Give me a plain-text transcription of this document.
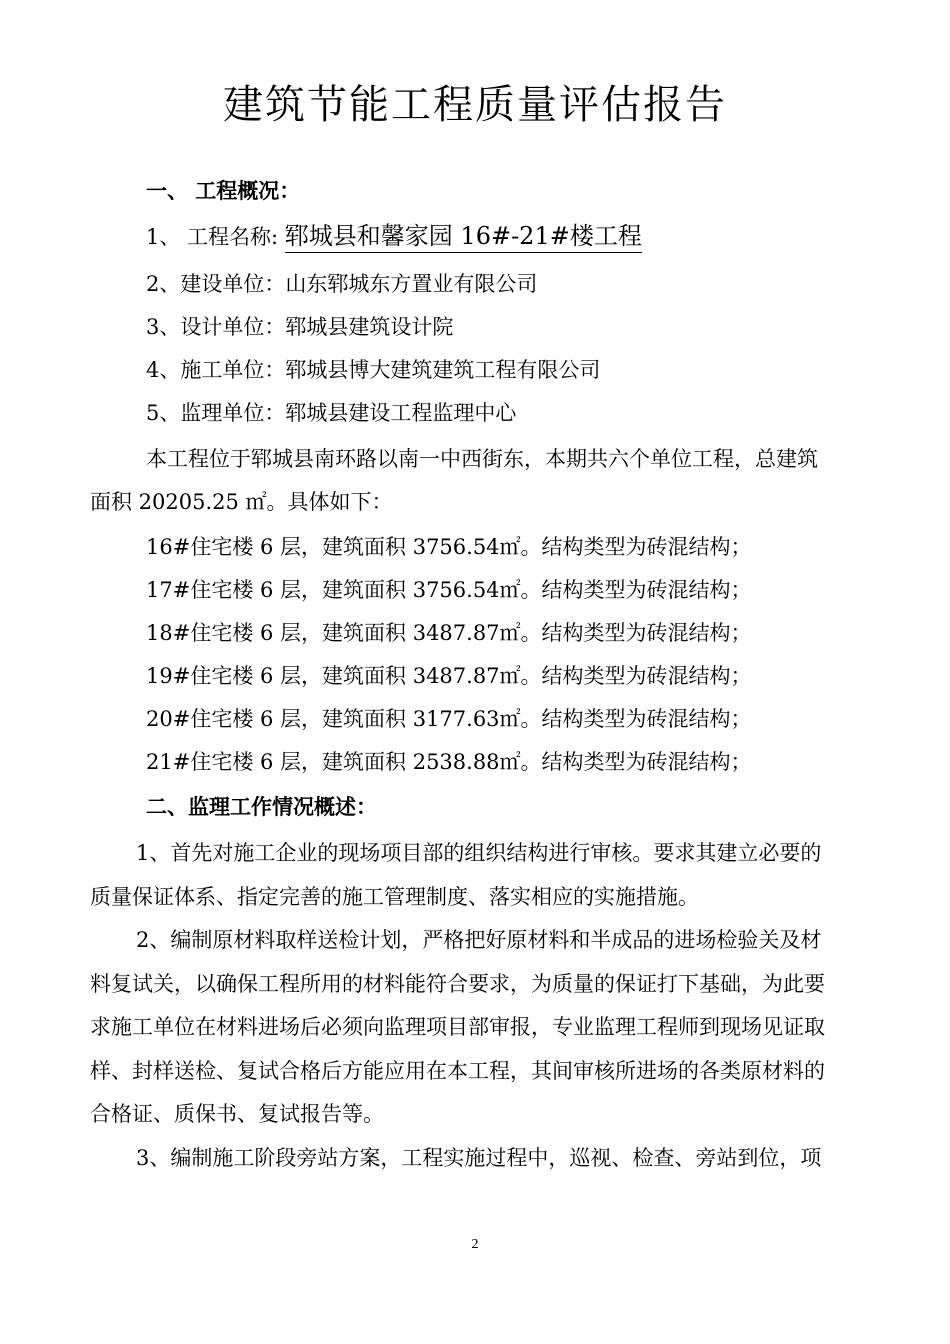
建筑节能工程质量评估报告
一、 工程概况：
1、 工程名称: 郓城县和馨家园 16#-21#楼工程
2、建设单位：山东郓城东方置业有限公司
3、设计单位：郓城县建筑设计院
4、施工单位：郓城县博大建筑建筑工程有限公司
5、监理单位：郓城县建设工程监理中心
本工程位于郓城县南环路以南一中西街东，本期共六个单位工程，总建筑
面积 20205.25 ㎡。具体如下：
16#住宅楼 6 层，建筑面积 3756.54㎡。结构类型为砖混结构；
17#住宅楼 6 层，建筑面积 3756.54㎡。结构类型为砖混结构；
18#住宅楼 6 层，建筑面积 3487.87㎡。结构类型为砖混结构；
19#住宅楼 6 层，建筑面积 3487.87㎡。结构类型为砖混结构；
20#住宅楼 6 层，建筑面积 3177.63㎡。结构类型为砖混结构；
21#住宅楼 6 层，建筑面积 2538.88㎡。结构类型为砖混结构；
二、监理工作情况概述：
1、首先对施工企业的现场项目部的组织结构进行审核。要求其建立必要的
质量保证体系、指定完善的施工管理制度、落实相应的实施措施。
2、编制原材料取样送检计划，严格把好原材料和半成品的进场检验关及材
料复试关，以确保工程所用的材料能符合要求，为质量的保证打下基础，为此要
求施工单位在材料进场后必须向监理项目部审报，专业监理工程师到现场见证取
样、封样送检、复试合格后方能应用在本工程，其间审核所进场的各类原材料的
合格证、质保书、复试报告等。
3、编制施工阶段旁站方案，工程实施过程中，巡视、检查、旁站到位，项
2
